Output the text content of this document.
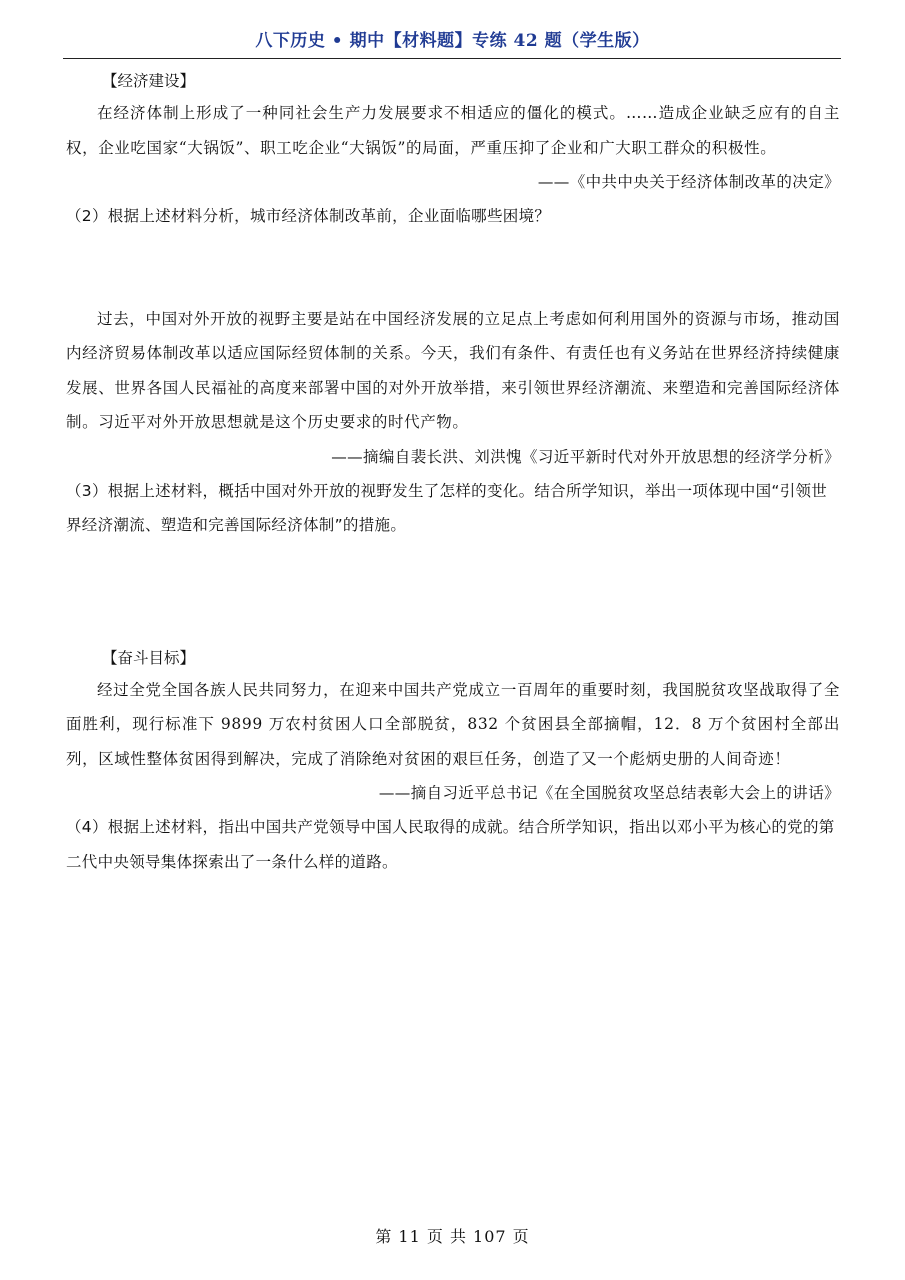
八下历史 • 期中【材料题】专练 42 题（学生版）
【经济建设】

在经济体制上形成了一种同社会生产力发展要求不相适应的僵化的模式。……造成企业缺乏应有的自主权，企业吃国家“大锅饭”、职工吃企业“大锅饭”的局面，严重压抑了企业和广大职工群众的积极性。

——《中共中央关于经济体制改革的决定》

（2）根据上述材料分析，城市经济体制改革前，企业面临哪些困境？

过去，中国对外开放的视野主要是站在中国经济发展的立足点上考虑如何利用国外的资源与市场，推动国内经济贸易体制改革以适应国际经贸体制的关系。今天，我们有条件、有责任也有义务站在世界经济持续健康发展、世界各国人民福祉的高度来部署中国的对外开放举措，来引领世界经济潮流、来塑造和完善国际经济体制。习近平对外开放思想就是这个历史要求的时代产物。

——摘编自裴长洪、刘洪愧《习近平新时代对外开放思想的经济学分析》

（3）根据上述材料，概括中国对外开放的视野发生了怎样的变化。结合所学知识，举出一项体现中国“引领世界经济潮流、塑造和完善国际经济体制”的措施。

【奋斗目标】

经过全党全国各族人民共同努力，在迎来中国共产党成立一百周年的重要时刻，我国脱贫攻坚战取得了全面胜利，现行标准下 9899 万农村贫困人口全部脱贫，832 个贫困县全部摘帽，12．8 万个贫困村全部出列，区域性整体贫困得到解决，完成了消除绝对贫困的艰巨任务，创造了又一个彪炳史册的人间奇迹！

——摘自习近平总书记《在全国脱贫攻坚总结表彰大会上的讲话》

（4）根据上述材料，指出中国共产党领导中国人民取得的成就。结合所学知识，指出以邓小平为核心的党的第二代中央领导集体探索出了一条什么样的道路。

第 11 页 共 107 页
